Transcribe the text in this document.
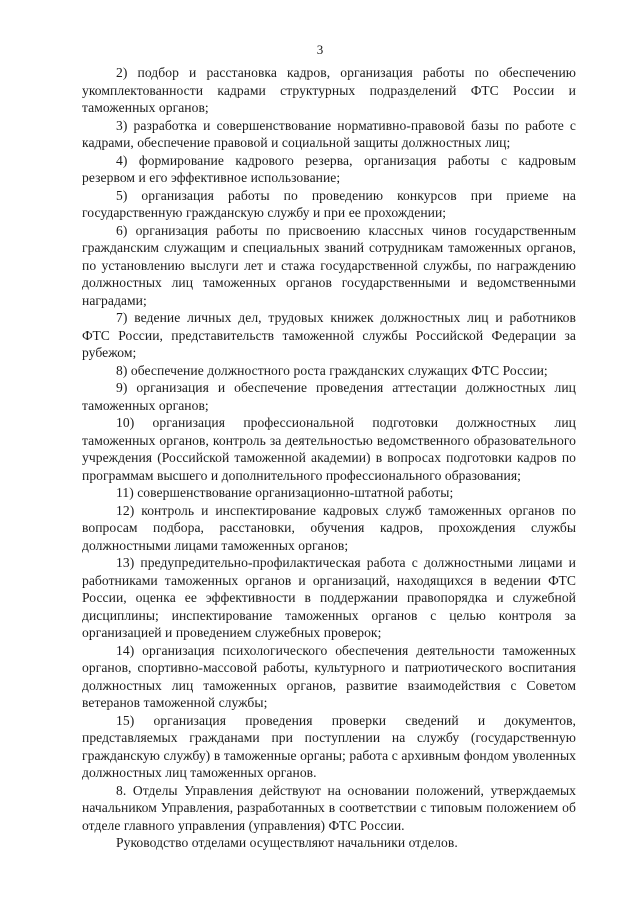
3

2) подбор и расстановка кадров, организация работы по обеспечению укомплектованности кадрами структурных подразделений ФТС России и таможенных органов;

3) разработка и совершенствование нормативно-правовой базы по работе с кадрами, обеспечение правовой и социальной защиты должностных лиц;

4) формирование кадрового резерва, организация работы с кадровым резервом и его эффективное использование;

5) организация работы по проведению конкурсов при приеме на государственную гражданскую службу и при ее прохождении;

6) организация работы по присвоению классных чинов государственным гражданским служащим и специальных званий сотрудникам таможенных органов, по установлению выслуги лет и стажа государственной службы, по награждению должностных лиц таможенных органов государственными и ведомственными наградами;

7) ведение личных дел, трудовых книжек должностных лиц и работников ФТС России, представительств таможенной службы Российской Федерации за рубежом;

8) обеспечение должностного роста гражданских служащих ФТС России;

9) организация и обеспечение проведения аттестации должностных лиц таможенных органов;

10) организация профессиональной подготовки должностных лиц таможенных органов, контроль за деятельностью ведомственного образовательного учреждения (Российской таможенной академии) в вопросах подготовки кадров по программам высшего и дополнительного профессионального образования;

11) совершенствование организационно-штатной работы;

12) контроль и инспектирование кадровых служб таможенных органов по вопросам подбора, расстановки, обучения кадров, прохождения службы должностными лицами таможенных органов;

13) предупредительно-профилактическая работа с должностными лицами и работниками таможенных органов и организаций, находящихся в ведении ФТС России, оценка ее эффективности в поддержании правопорядка и служебной дисциплины; инспектирование таможенных органов с целью контроля за организацией и проведением служебных проверок;

14) организация психологического обеспечения деятельности таможенных органов, спортивно-массовой работы, культурного и патриотического воспитания должностных лиц таможенных органов, развитие взаимодействия с Советом ветеранов таможенной службы;

15) организация проведения проверки сведений и документов, представляемых гражданами при поступлении на службу (государственную гражданскую службу) в таможенные органы; работа с архивным фондом уволенных должностных лиц таможенных органов.

8. Отделы Управления действуют на основании положений, утверждаемых начальником Управления, разработанных в соответствии с типовым положением об отделе главного управления (управления) ФТС России.

Руководство отделами осуществляют начальники отделов.
